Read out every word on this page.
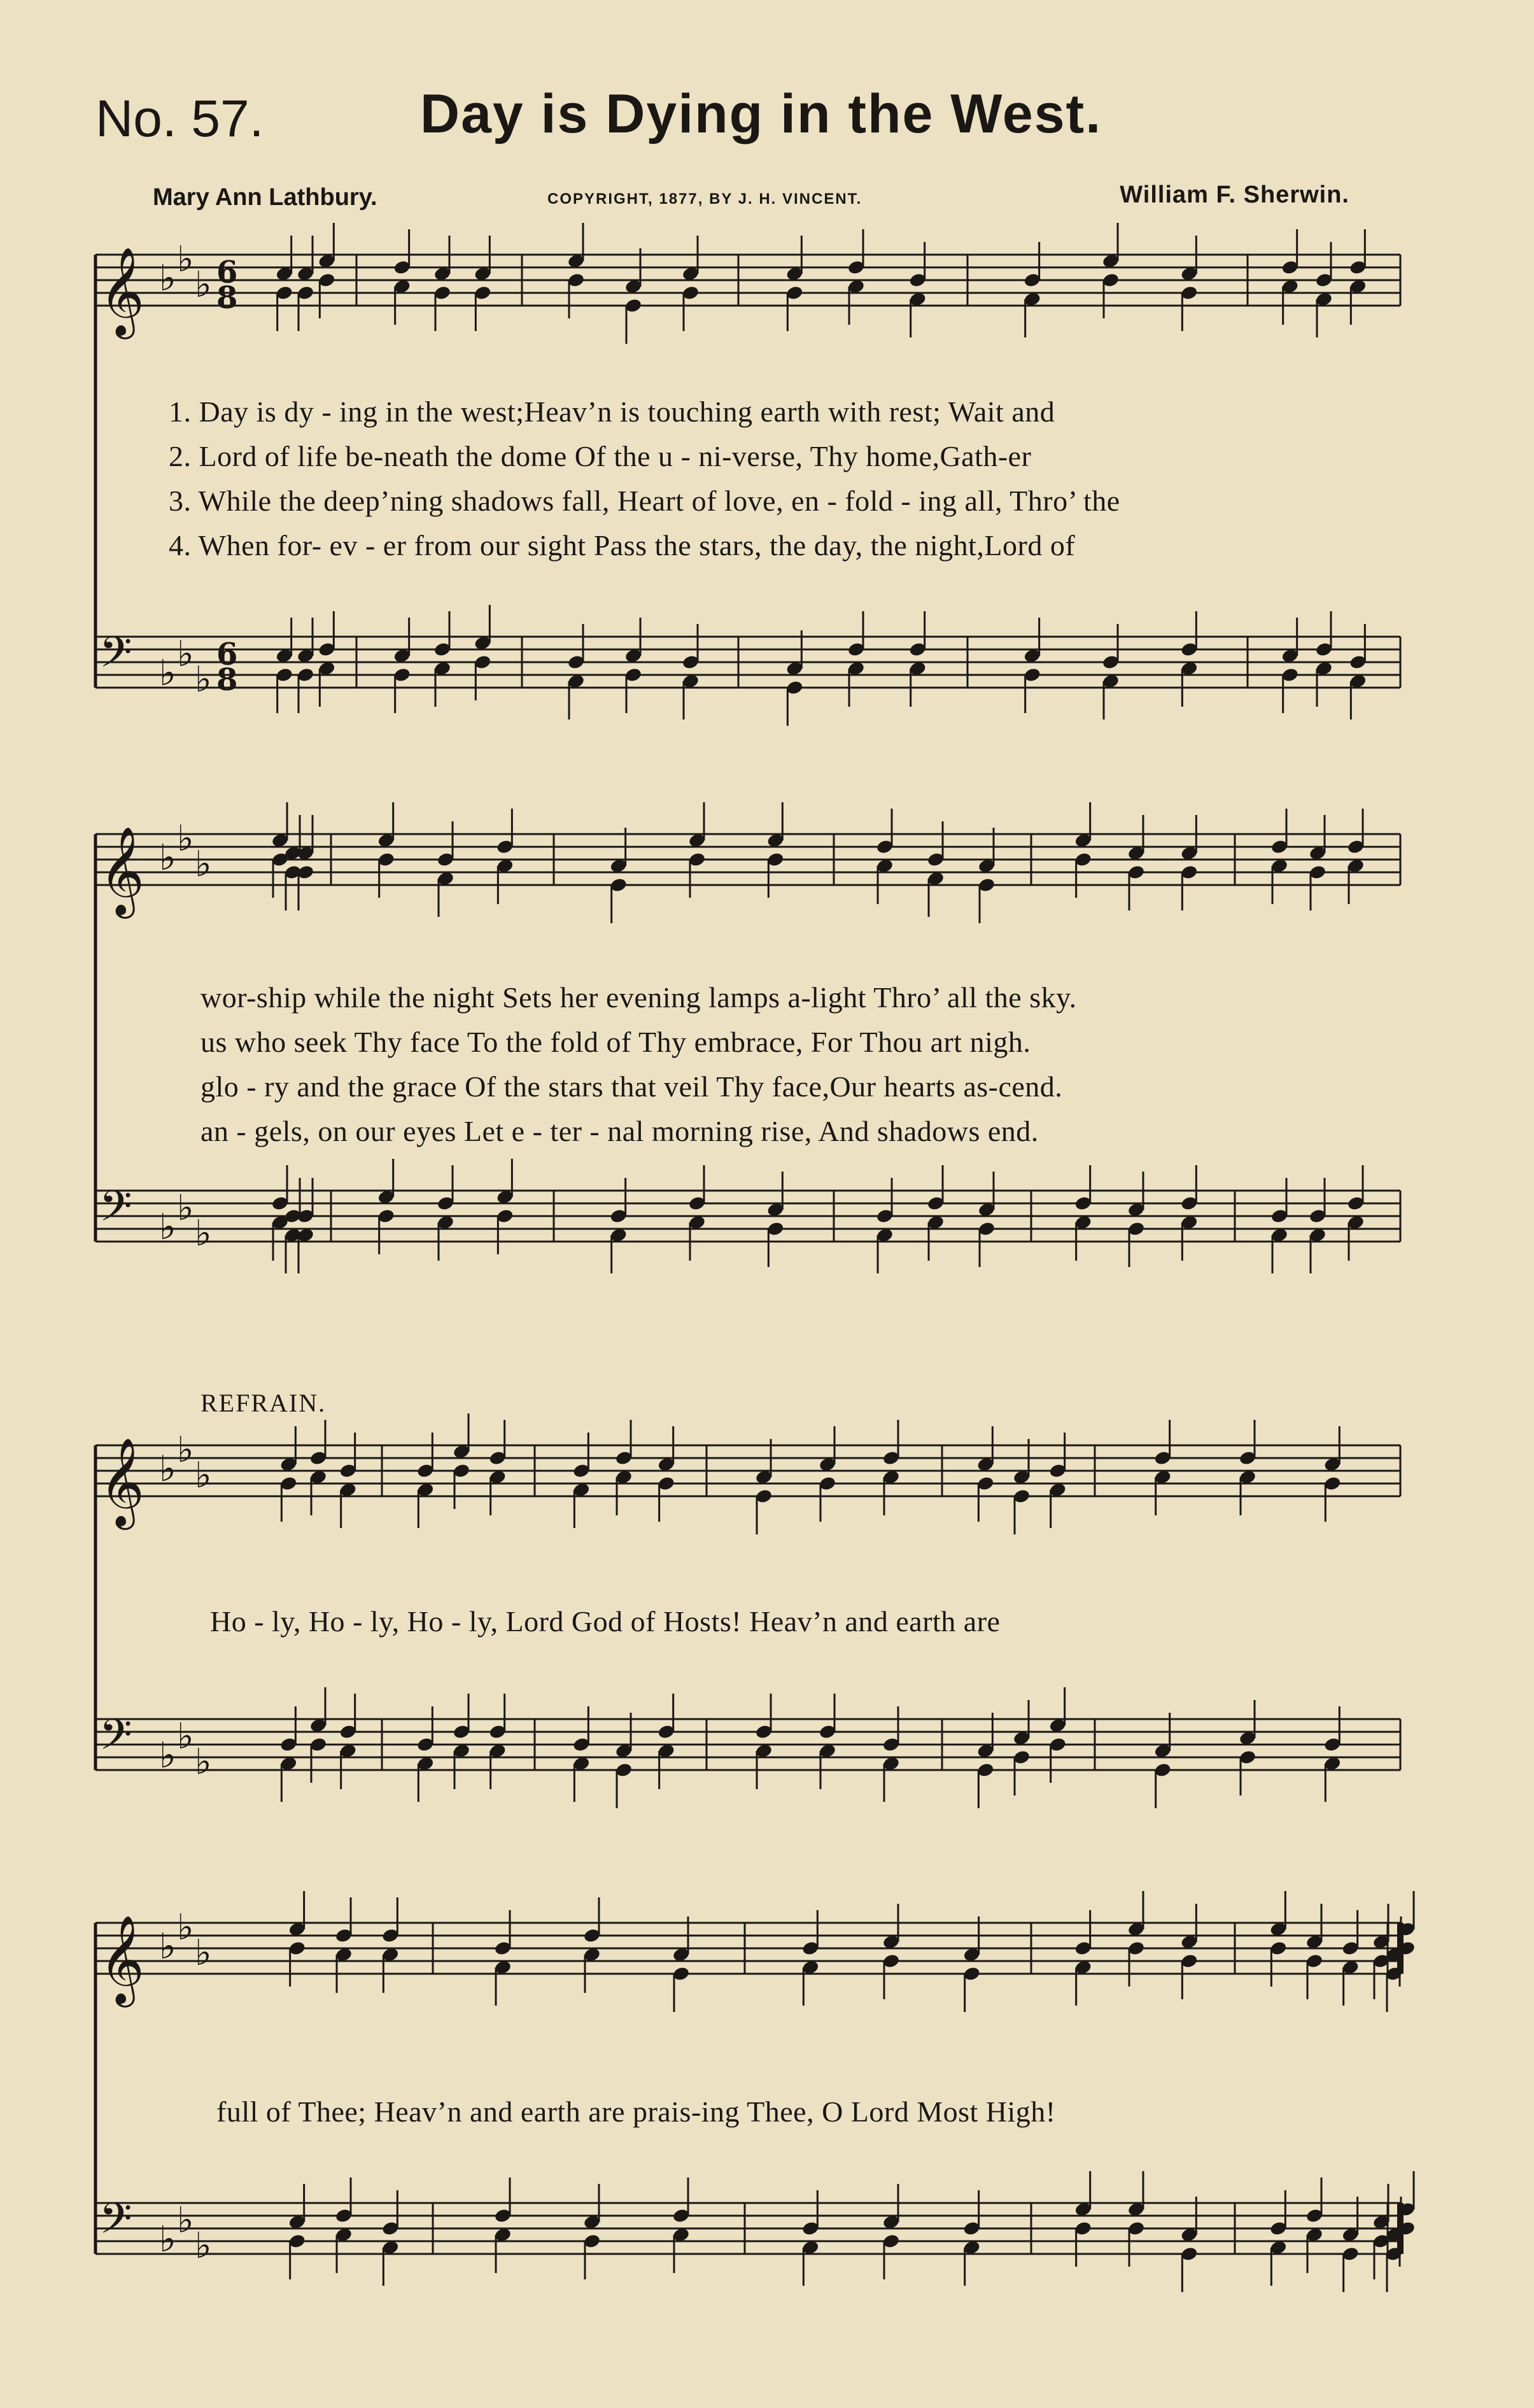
No. 57.	Day is Dying in the West.
Mary Ann Lathbury.	COPYRIGHT, 1877, BY J. H. VINCENT.	William F. Sherwin.
𝄞 ♭ ♭
♭
𝄢 ♭ ♭
♭
𝄞 ♭ ♭
♭
𝄢 ♭ ♭
♭
𝄞 ♭ ♭
♭
𝄢 ♭ ♭
♭
𝄞 ♭ ♭
♭
𝄢 ♭ ♭
♭
6
8
6
8
1. Day is dy - ing in the west;Heav’n is touching earth with rest; Wait and
2. Lord of life be-neath the dome Of the u - ni-verse, Thy home,Gath-er
3. While the deep’ning shadows fall, Heart of love, en - fold - ing all, Thro’ the
4. When for- ev - er from our sight Pass the stars, the day, the night,Lord of
wor-ship while the night Sets her evening lamps a-light Thro’ all the sky.
us who seek Thy face To the fold of Thy embrace, For Thou art nigh.
glo - ry and the grace Of the stars that veil Thy face,Our hearts as-cend.
an - gels, on our eyes Let e - ter - nal morning rise, And shadows end.
REFRAIN.
Ho - ly, Ho - ly, Ho - ly, Lord God of Hosts! Heav’n and earth are
full of Thee; Heav’n and earth are prais-ing Thee, O Lord Most High!
